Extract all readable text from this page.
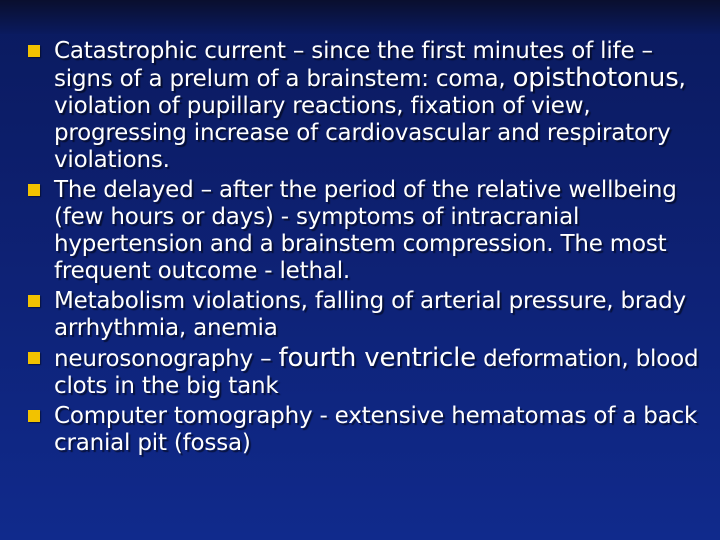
Catastrophic current – since the first minutes of life – signs of a prelum of a brainstem: coma, opisthotonus, violation of pupillary reactions, fixation of view, progressing increase of cardiovascular and respiratory violations.
The delayed – after the period of the relative wellbeing (few hours or days) - symptoms of intracranial hypertension and a brainstem compression. The most frequent outcome - lethal.
Metabolism violations, falling of arterial pressure, brady arrhythmia, anemia
neurosonography – fourth ventricle deformation, blood clots in the big tank
Computer tomography - extensive hematomas of a back cranial pit (fossa)
